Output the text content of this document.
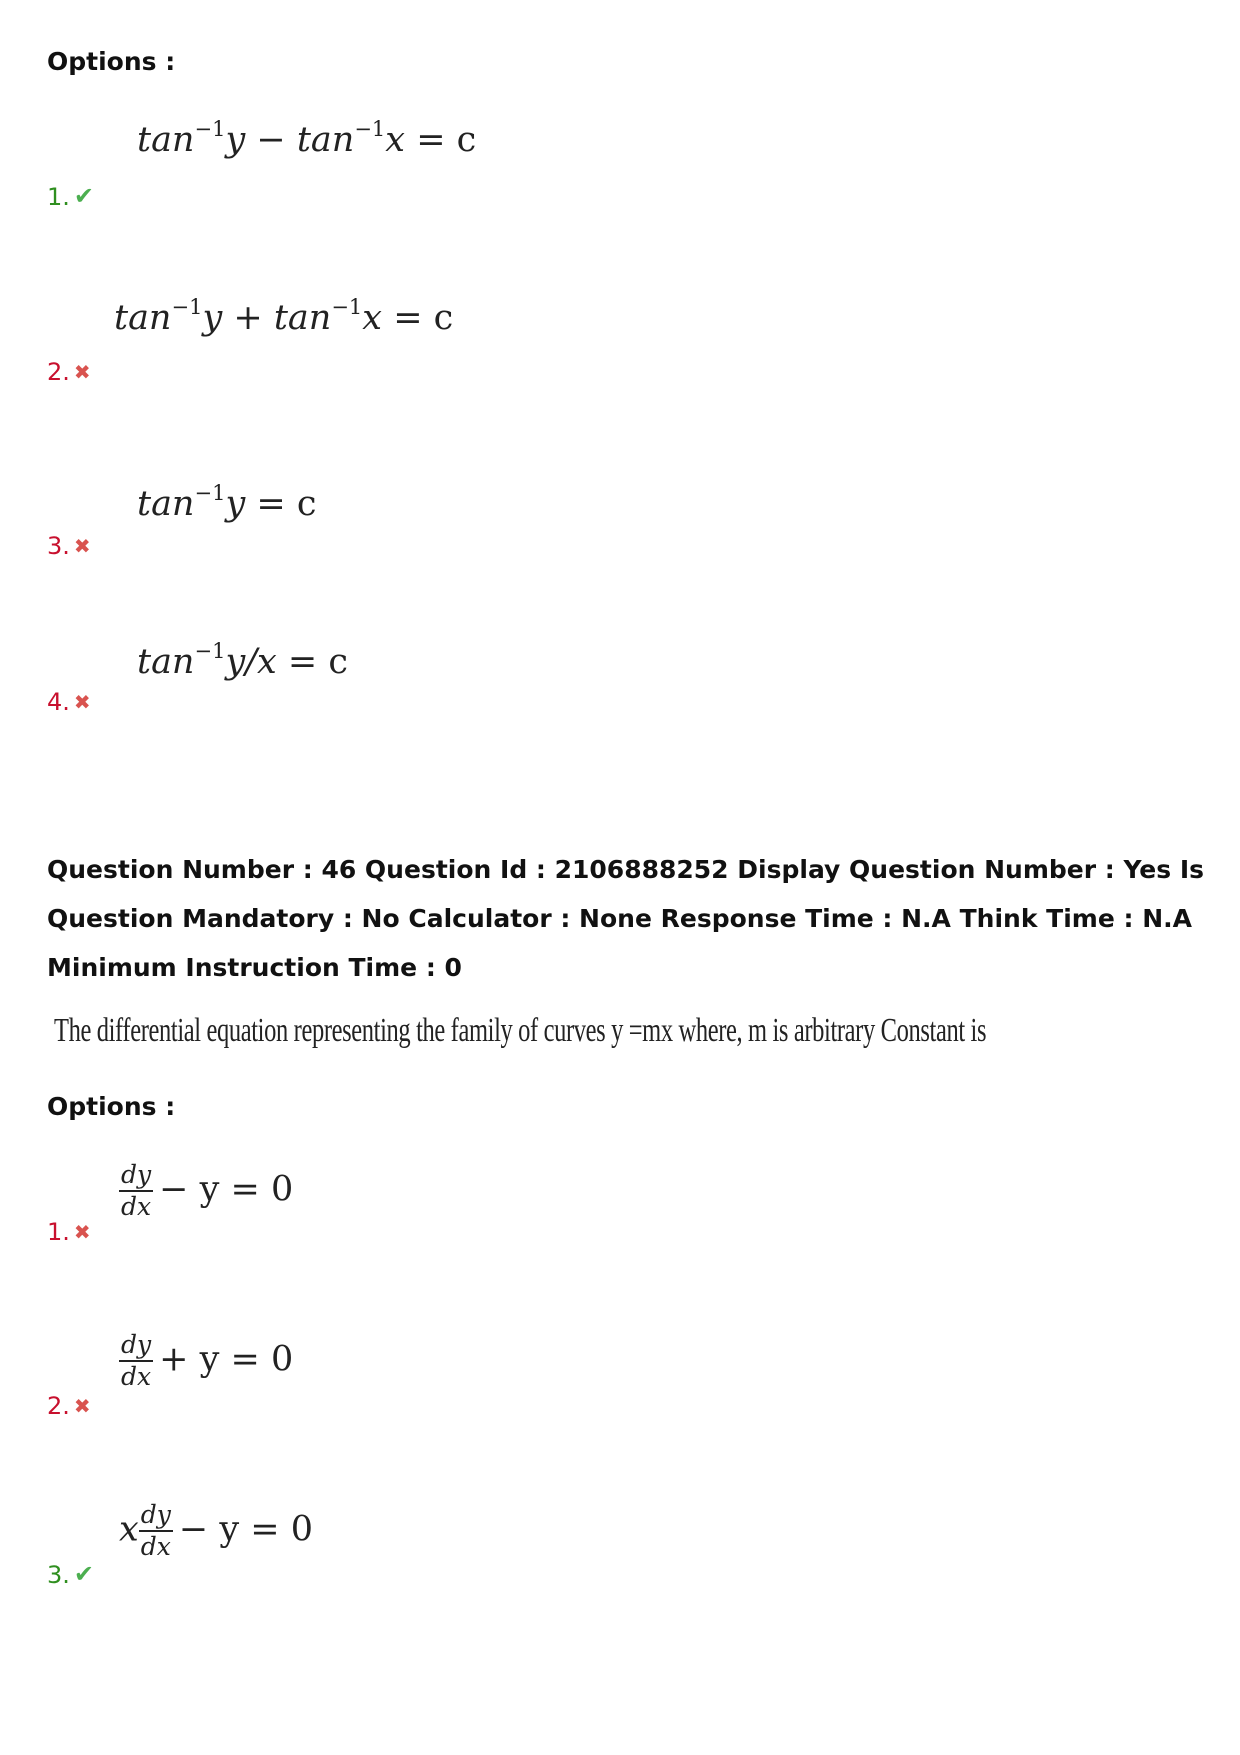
Options :
$\tan^{-1}y - \tan^{-1}x = c$
1. ✔
$\tan^{-1}y + \tan^{-1}x = c$
2. ✖
$\tan^{-1}y = c$
3. ✖
$\tan^{-1}y/x = c$
4. ✖
Question Number : 46 Question Id : 2106888252 Display Question Number : Yes Is Question Mandatory : No Calculator : None Response Time : N.A Think Time : N.A Minimum Instruction Time : 0
The differential equation representing the family of curves y =mx where, m is arbitrary Constant is
Options :
$\frac{dy}{dx} - y = 0$
1. ✖
$\frac{dy}{dx} + y = 0$
2. ✖
x $\frac{dy}{dx} - y = 0$
3. ✔
